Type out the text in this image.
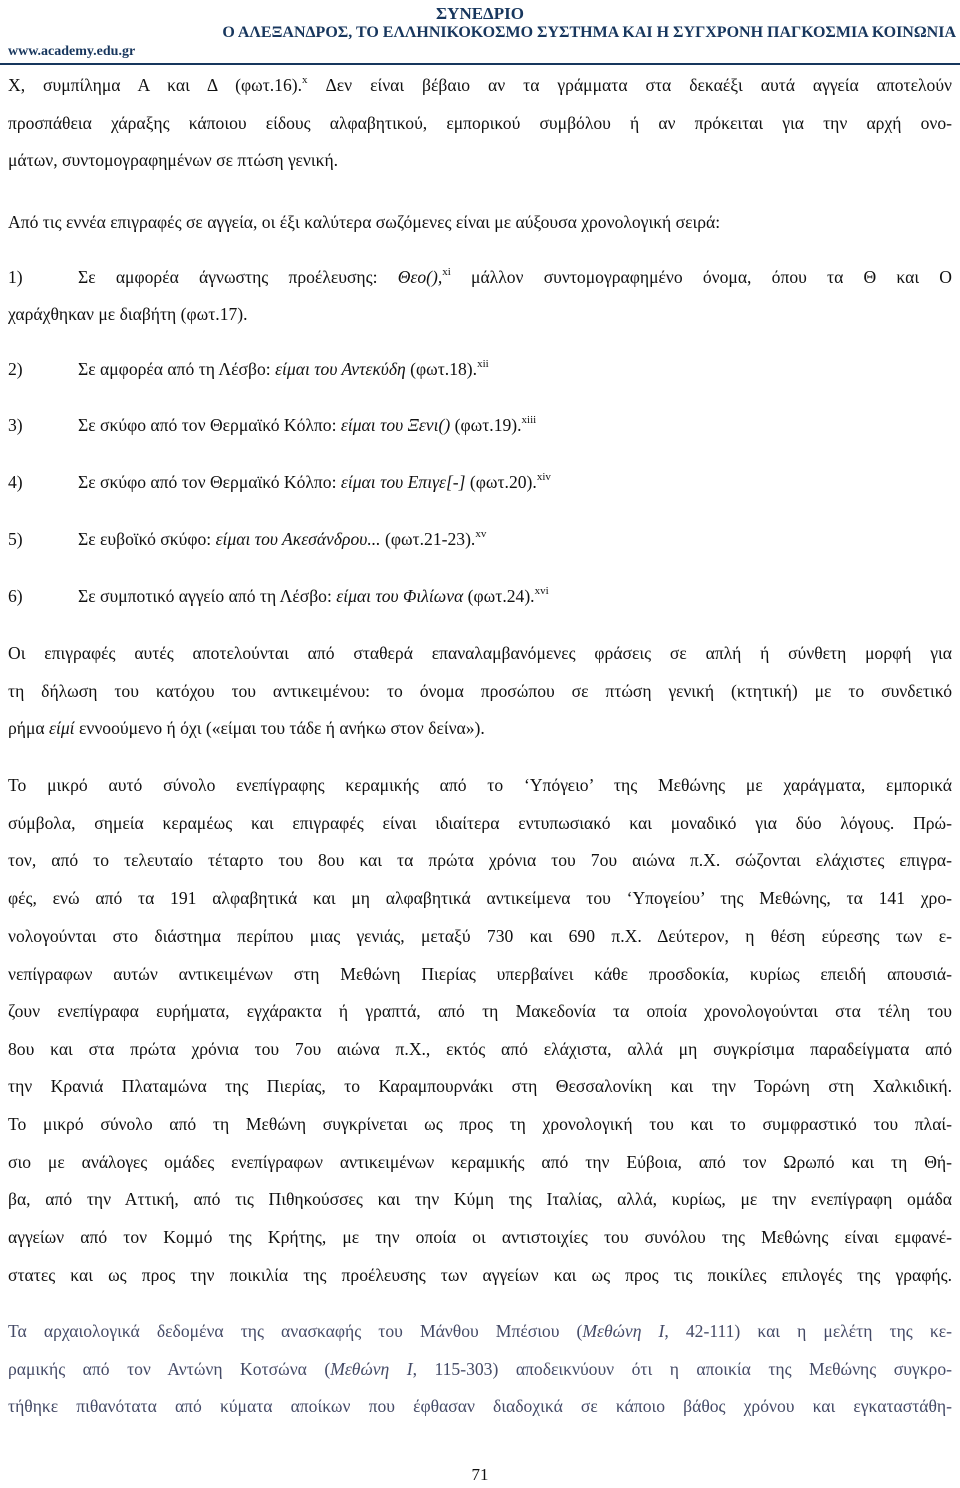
ΣΥΝΕΔΡΙΟ
Ο ΑΛΕΞΑΝΔΡΟΣ, ΤΟ ΕΛΛΗΝΙΚΟΚΟΣΜΟ ΣΥΣΤΗΜΑ ΚΑΙ Η ΣΥΓΧΡΟΝΗ ΠΑΓΚΟΣΜΙΑ ΚΟΙΝΩΝΙΑ
www.academy.edu.gr
Χ, συμπίλημα Α και Δ (φωτ.16).$^x$ Δεν είναι βέβαιο αν τα γράμματα στα δεκαέξι αυτά αγγεία αποτελούν
προσπάθεια χάραξης κάποιου είδους αλφαβητικού, εμπορικού συμβόλου ή αν πρόκειται για την αρχή ονο-
μάτων, συντομογραφημένων σε πτώση γενική.
Από τις εννέα επιγραφές σε αγγεία, οι έξι καλύτερα σωζόμενες είναι με αύξουσα χρονολογική σειρά:
1)	Σε αμφορέα άγνωστης προέλευσης: Θεο(),$^{xi}$ μάλλον συντομογραφημένο όνομα, όπου τα Θ και Ο
χαράχθηκαν με διαβήτη (φωτ.17).
2)	Σε αμφορέα από τη Λέσβο: είμαι του Αντεκύδη (φωτ.18).$^{xii}$
3)	Σε σκύφο από τον Θερμαϊκό Κόλπο: είμαι του Ξενι() (φωτ.19).$^{xiii}$
4)	Σε σκύφο από τον Θερμαϊκό Κόλπο: είμαι του Επιγε[-] (φωτ.20).$^{xiv}$
5)	Σε ευβοϊκό σκύφο: είμαι του Ακεσάνδρου... (φωτ.21-23).$^{xv}$
6)	Σε συμποτικό αγγείο από τη Λέσβο: είμαι του Φιλίωνα (φωτ.24).$^{xvi}$
Οι επιγραφές αυτές αποτελούνται από σταθερά επαναλαμβανόμενες φράσεις σε απλή ή σύνθετη μορφή για
τη δήλωση του κατόχου του αντικειμένου: το όνομα προσώπου σε πτώση γενική (κτητική) με το συνδετικό
ρήμα είμί εννοούμενο ή όχι («είμαι του τάδε ή ανήκω στον δείνα»).
Το μικρό αυτό σύνολο ενεπίγραφης κεραμικής από το ‘Υπόγειο’ της Μεθώνης με χαράγματα, εμπορικά
σύμβολα, σημεία κεραμέως και επιγραφές είναι ιδιαίτερα εντυπωσιακό και μοναδικό για δύο λόγους. Πρώ-
τον, από το τελευταίο τέταρτο του 8ου και τα πρώτα χρόνια του 7ου αιώνα π.Χ. σώζονται ελάχιστες επιγρα-
φές, ενώ από τα 191 αλφαβητικά και μη αλφαβητικά αντικείμενα του ‘Υπογείου’ της Μεθώνης, τα 141 χρο-
νολογούνται στο διάστημα περίπου μιας γενιάς, μεταξύ 730 και 690 π.Χ. Δεύτερον, η θέση εύρεσης των ε-
νεπίγραφων αυτών αντικειμένων στη Μεθώνη Πιερίας υπερβαίνει κάθε προσδοκία, κυρίως επειδή απουσιά-
ζουν ενεπίγραφα ευρήματα, εγχάρακτα ή γραπτά, από τη Μακεδονία τα οποία χρονολογούνται στα τέλη του
8ου και στα πρώτα χρόνια του 7ου αιώνα π.Χ., εκτός από ελάχιστα, αλλά μη συγκρίσιμα παραδείγματα από
την Κρανιά Πλαταμώνα της Πιερίας, το Καραμπουρνάκι στη Θεσσαλονίκη και την Τορώνη στη Χαλκιδική.
Το μικρό σύνολο από τη Μεθώνη συγκρίνεται ως προς τη χρονολογική του και το συμφραστικό του πλαί-
σιο με ανάλογες ομάδες ενεπίγραφων αντικειμένων κεραμικής από την Εύβοια, από τον Ωρωπό και τη Θή-
βα, από την Αττική, από τις Πιθηκούσσες και την Κύμη της Ιταλίας, αλλά, κυρίως, με την ενεπίγραφη ομάδα
αγγείων από τον Κομμό της Κρήτης, με την οποία οι αντιστοιχίες του συνόλου της Μεθώνης είναι εμφανέ-
στατες και ως προς την ποικιλία της προέλευσης των αγγείων και ως προς τις ποικίλες επιλογές της γραφής.
Τα αρχαιολογικά δεδομένα της ανασκαφής του Μάνθου Μπέσιου (Μεθώνη Ι, 42-111) και η μελέτη της κε-
ραμικής από τον Αντώνη Κοτσώνα (Μεθώνη Ι, 115-303) αποδεικνύουν ότι η αποικία της Μεθώνης συγκρο-
τήθηκε πιθανότατα από κύματα αποίκων που έφθασαν διαδοχικά σε κάποιο βάθος χρόνου και εγκαταστάθη-
71
